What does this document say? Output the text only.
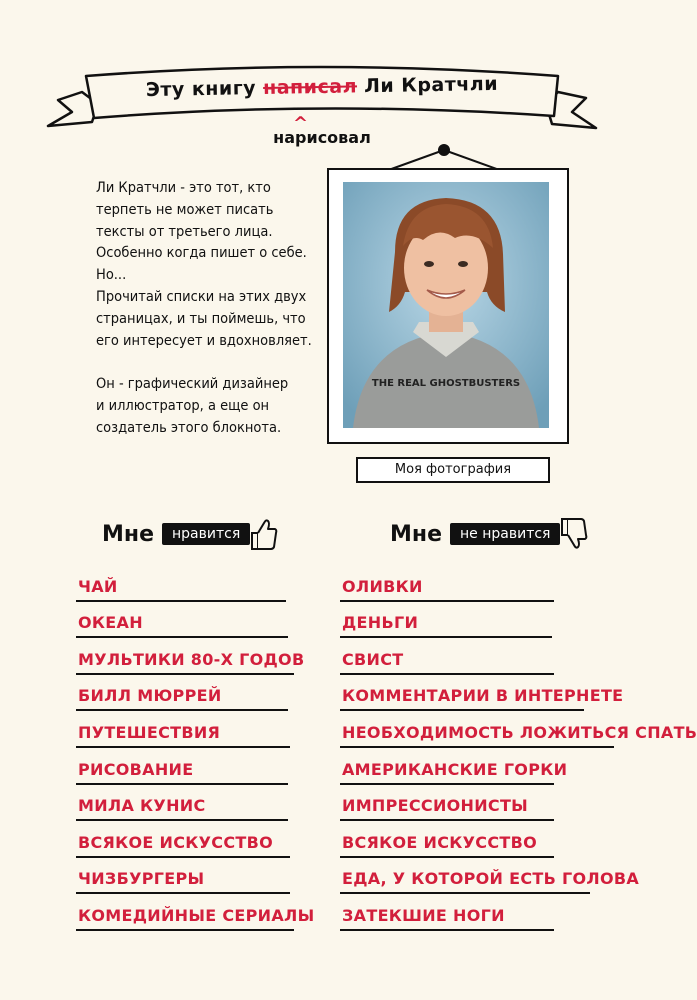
Эту книгу написал Ли Кратчли
^
нарисовал
Ли Кратчли - это тот, кто
терпеть не может писать
тексты от третьего лица.
Особенно когда пишет о себе.
Но...
Прочитай списки на этих двух
страницах, и ты поймешь, что
его интересует и вдохновляет.

Он - графический дизайнер
и иллюстратор, а еще он
создатель этого блокнота.
THE REAL GHOSTBUSTERS
Моя фотография
Мне	нравится	Мне	не нравится
ЧАЙ
ОКЕАН
МУЛЬТИКИ 80-Х ГОДОВ
БИЛЛ МЮРРЕЙ
ПУТЕШЕСТВИЯ
РИСОВАНИЕ
МИЛА КУНИС
ВСЯКОЕ ИСКУССТВО
ЧИЗБУРГЕРЫ
КОМЕДИЙНЫЕ СЕРИАЛЫ
ОЛИВКИ
ДЕНЬГИ
СВИСТ
КОММЕНТАРИИ В ИНТЕРНЕТЕ
НЕОБХОДИМОСТЬ ЛОЖИТЬСЯ СПАТЬ
АМЕРИКАНСКИЕ ГОРКИ
ИМПРЕССИОНИСТЫ
ВСЯКОЕ ИСКУССТВО
ЕДА, У КОТОРОЙ ЕСТЬ ГОЛОВА
ЗАТЕКШИЕ НОГИ
